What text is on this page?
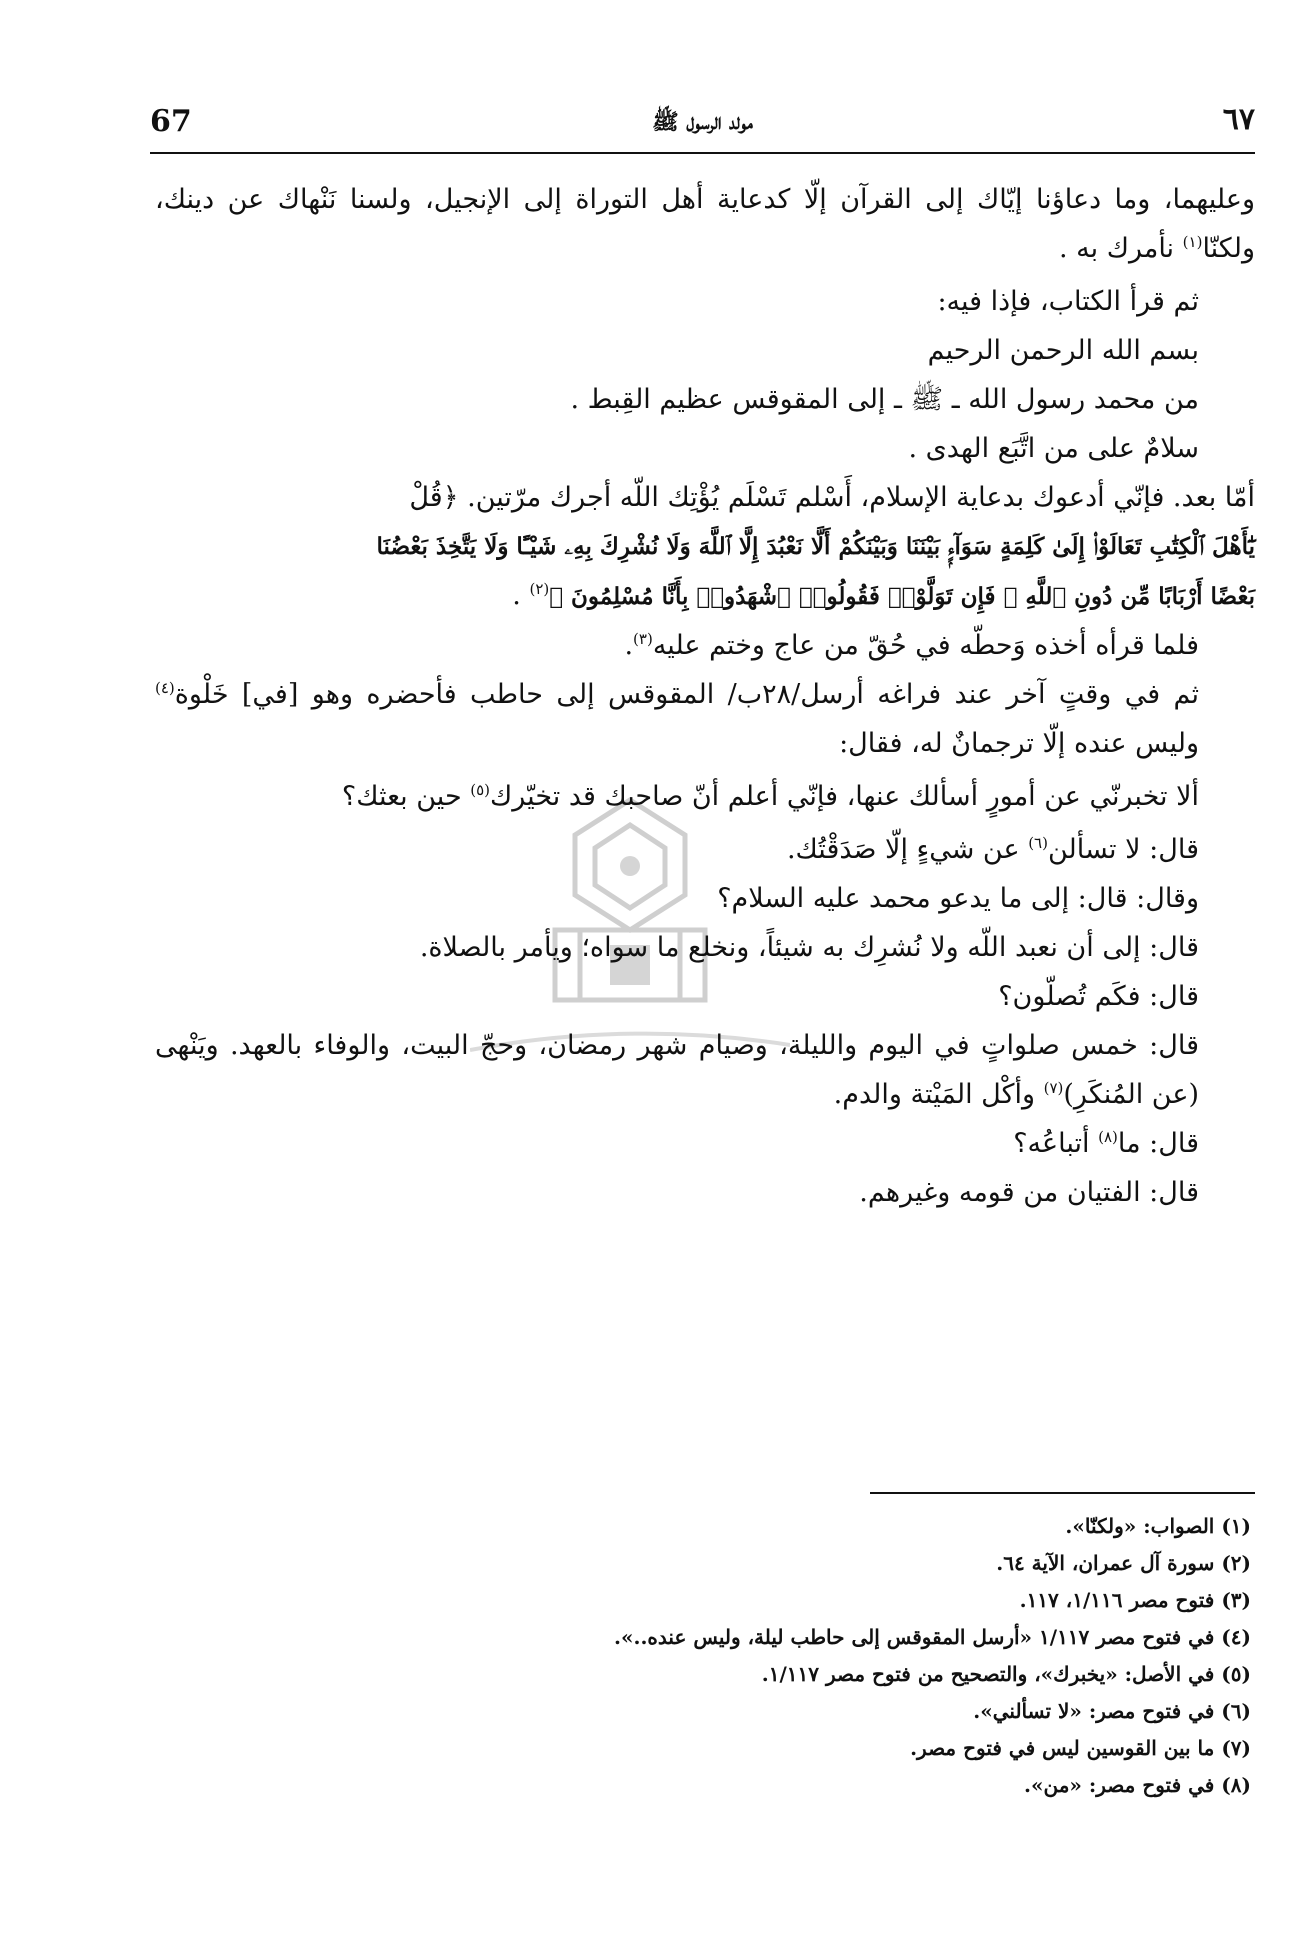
67	مولد الرسول ﷺ	٦٧

وعليهما، وما دعاؤنا إيّاك إلى القرآن إلّا كدعاية أهل التوراة إلى الإنجيل، ولسنا نَنْهاك عن دينك، ولكنّا$^{(١)}$ نأمرك به .

ثم قرأ الكتاب، فإذا فيه:

بسم الله الرحمن الرحيم

من محمد رسول الله ـ ﷺ ـ إلى المقوقس عظيم القِبط .

سلامٌ على من اتَّبَع الهدى .

أمّا بعد. فإنّي أدعوك بدعاية الإسلام، أَسْلم تَسْلَم يُؤْتِك اللّه أجرك مرّتين. ﴿قُلْ
يَٰٓأَهْلَ ٱلْكِتَٰبِ تَعَالَوْا۟ إِلَىٰ كَلِمَةٍ سَوَآءٍۭ بَيْنَنَا وَبَيْنَكُمْ أَلَّا نَعْبُدَ إِلَّا ٱللَّهَ وَلَا نُشْرِكَ بِهِۦ شَيْـًٔا وَلَا يَتَّخِذَ بَعْضُنَا
بَعْضًا أَرْبَابًا مِّن دُونِ ٱللَّهِ ۚ فَإِن تَوَلَّوْا۟ فَقُولُوا۟ ٱشْهَدُوا۟ بِأَنَّا مُسْلِمُونَ ﴾$^{(٢)}$ .

فلما قرأه أخذه وَحطّه في حُقّ من عاج وختم عليه$^{(٣)}$.

ثم في وقتٍ آخر عند فراغه أرسل/٢٨ب/ المقوقس إلى حاطب فأحضره وهو [في] خَلْوة$^{(٤)}$ وليس عنده إلّا ترجمانٌ له، فقال:

ألا تخبرنّي عن أمورٍ أسألك عنها، فإنّي أعلم أنّ صاحبك قد تخيّرك$^{(٥)}$ حين بعثك؟

قال: لا تسألن$^{(٦)}$ عن شيءٍ إلّا صَدَقْتُك.

وقال: قال: إلى ما يدعو محمد عليه السلام؟

قال: إلى أن نعبد اللّه ولا نُشرِك به شيئاً، ونخلع ما سواه؛ ويأمر بالصلاة.

قال: فكَم تُصلّون؟

قال: خمس صلواتٍ في اليوم والليلة، وصيام شهر رمضان، وحجّ البيت، والوفاء بالعهد. ويَنْهى (عن المُنكَرِ)$^{(٧)}$ وأكْل المَيْتة والدم.

قال: ما$^{(٨)}$ أتباعُه؟

قال: الفتيان من قومه وغيرهم.

(١) الصواب: «ولكنّا».
(٢) سورة آل عمران، الآية ٦٤.
(٣) فتوح مصر ١/١١٦، ١١٧.
(٤) في فتوح مصر ١/١١٧ «أرسل المقوقس إلى حاطب ليلة، وليس عنده..».
(٥) في الأصل: «يخبرك»، والتصحيح من فتوح مصر ١/١١٧.
(٦) في فتوح مصر: «لا تسألني».
(٧) ما بين القوسين ليس في فتوح مصر.
(٨) في فتوح مصر: «من».
